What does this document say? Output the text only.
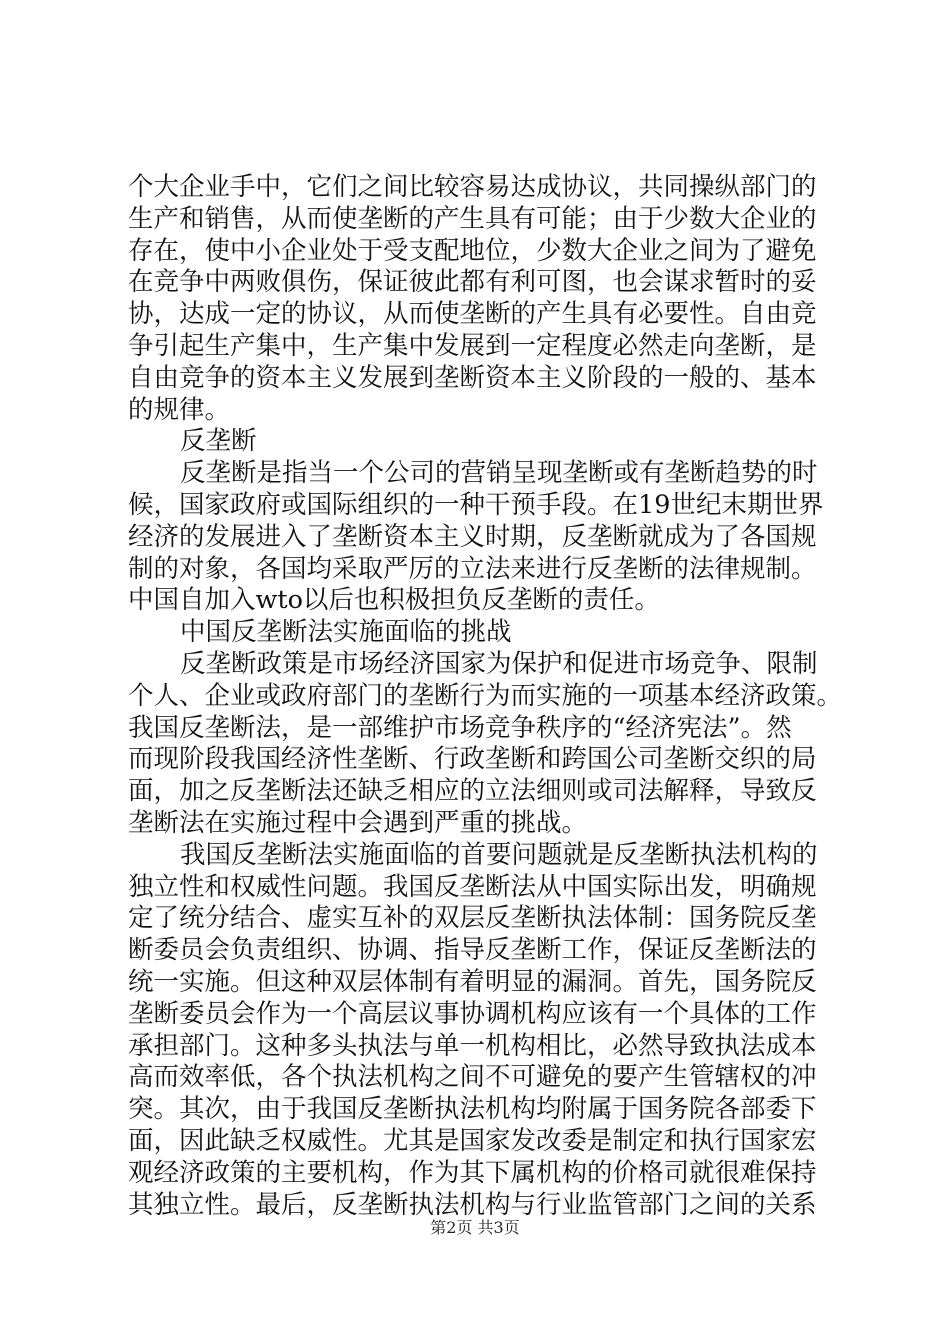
个大企业手中，它们之间比较容易达成协议，共同操纵部门的
生产和销售，从而使垄断的产生具有可能；由于少数大企业的
存在，使中小企业处于受支配地位，少数大企业之间为了避免
在竞争中两败俱伤，保证彼此都有利可图，也会谋求暂时的妥
协，达成一定的协议，从而使垄断的产生具有必要性。自由竞
争引起生产集中，生产集中发展到一定程度必然走向垄断，是
自由竞争的资本主义发展到垄断资本主义阶段的一般的、基本
的规律。
反垄断
反垄断是指当一个公司的营销呈现垄断或有垄断趋势的时
候，国家政府或国际组织的一种干预手段。在19世纪末期世界
经济的发展进入了垄断资本主义时期，反垄断就成为了各国规
制的对象，各国均采取严厉的立法来进行反垄断的法律规制。
中国自加入wto以后也积极担负反垄断的责任。
中国反垄断法实施面临的挑战
反垄断政策是市场经济国家为保护和促进市场竞争、限制
个人、企业或政府部门的垄断行为而实施的一项基本经济政策。
我国反垄断法，是一部维护市场竞争秩序的“经济宪法”。然
而现阶段我国经济性垄断、行政垄断和跨国公司垄断交织的局
面，加之反垄断法还缺乏相应的立法细则或司法解释，导致反
垄断法在实施过程中会遇到严重的挑战。
我国反垄断法实施面临的首要问题就是反垄断执法机构的
独立性和权威性问题。我国反垄断法从中国实际出发，明确规
定了统分结合、虚实互补的双层反垄断执法体制：国务院反垄
断委员会负责组织、协调、指导反垄断工作，保证反垄断法的
统一实施。但这种双层体制有着明显的漏洞。首先，国务院反
垄断委员会作为一个高层议事协调机构应该有一个具体的工作
承担部门。这种多头执法与单一机构相比，必然导致执法成本
高而效率低，各个执法机构之间不可避免的要产生管辖权的冲
突。其次，由于我国反垄断执法机构均附属于国务院各部委下
面，因此缺乏权威性。尤其是国家发改委是制定和执行国家宏
观经济政策的主要机构，作为其下属机构的价格司就很难保持
其独立性。最后，反垄断执法机构与行业监管部门之间的关系
第2页 共3页
